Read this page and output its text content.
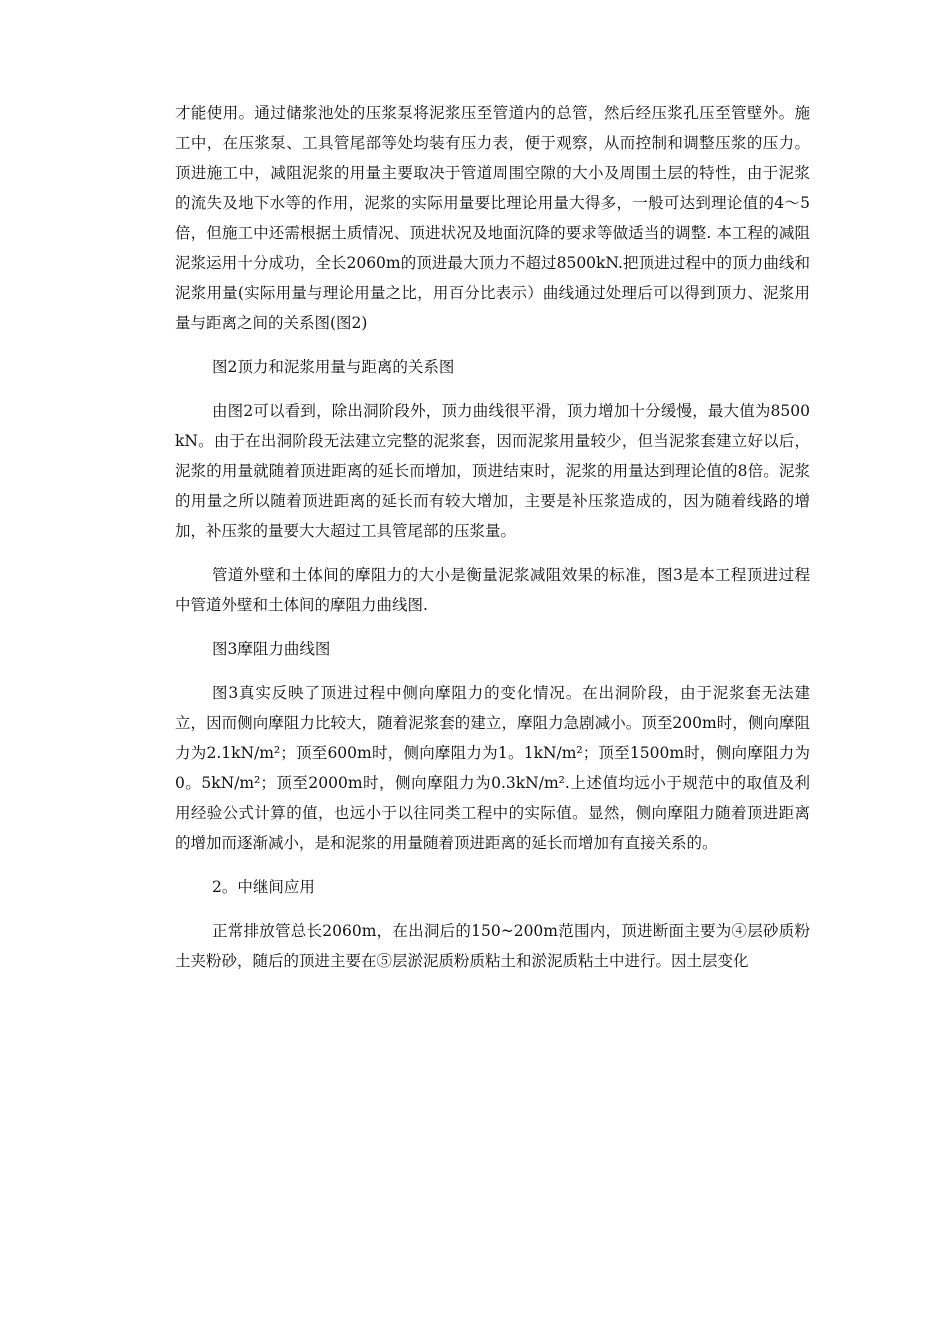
才能使用。通过储浆池处的压浆泵将泥浆压至管道内的总管，然后经压浆孔压至管壁外。施工中，在压浆泵、工具管尾部等处均装有压力表，便于观察，从而控制和调整压浆的压力。 顶进施工中，减阻泥浆的用量主要取决于管道周围空隙的大小及周围土层的特性，由于泥浆的流失及地下水等的作用，泥浆的实际用量要比理论用量大得多，一般可达到理论值的4～5倍，但施工中还需根据土质情况、顶进状况及地面沉降的要求等做适当的调整. 本工程的减阻泥浆运用十分成功，全长2060m的顶进最大顶力不超过8500kN.把顶进过程中的顶力曲线和泥浆用量(实际用量与理论用量之比，用百分比表示）曲线通过处理后可以得到顶力、泥浆用量与距离之间的关系图(图2)

图2顶力和泥浆用量与距离的关系图

由图2可以看到，除出洞阶段外，顶力曲线很平滑，顶力增加十分缓慢，最大值为8500kN。由于在出洞阶段无法建立完整的泥浆套，因而泥浆用量较少，但当泥浆套建立好以后，泥浆的用量就随着顶进距离的延长而增加，顶进结束时，泥浆的用量达到理论值的8倍。泥浆的用量之所以随着顶进距离的延长而有较大增加，主要是补压浆造成的，因为随着线路的增加，补压浆的量要大大超过工具管尾部的压浆量。

管道外壁和土体间的摩阻力的大小是衡量泥浆减阻效果的标准，图3是本工程顶进过程中管道外壁和土体间的摩阻力曲线图.

图3摩阻力曲线图

图3真实反映了顶进过程中侧向摩阻力的变化情况。在出洞阶段，由于泥浆套无法建立，因而侧向摩阻力比较大，随着泥浆套的建立，摩阻力急剧减小。顶至200m时，侧向摩阻力为2.1kN/m²；顶至600m时，侧向摩阻力为1。1kN/m²；顶至1500m时，侧向摩阻力为0。5kN/m²；顶至2000m时，侧向摩阻力为0.3kN/m².上述值均远小于规范中的取值及利用经验公式计算的值，也远小于以往同类工程中的实际值。显然，侧向摩阻力随着顶进距离的增加而逐渐减小，是和泥浆的用量随着顶进距离的延长而增加有直接关系的。

2。中继间应用

正常排放管总长2060m，在出洞后的150~200m范围内，顶进断面主要为④层砂质粉土夹粉砂，随后的顶进主要在⑤层淤泥质粉质粘土和淤泥质粘土中进行。因土层变化
